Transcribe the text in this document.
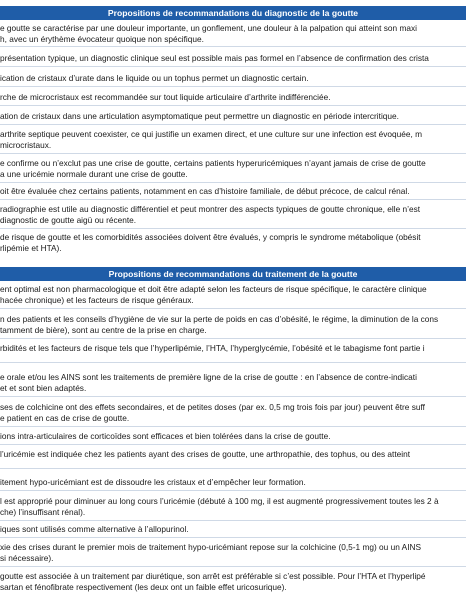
Propositions de recommandations du diagnostic de la goutte
e goutte se caractérise par une douleur importante, un gonflement, une douleur à la palpation qui atteint son maxi
h, avec un érythème évocateur quoique non spécifique.
présentation typique, un diagnostic clinique seul est possible mais pas formel en l’absence de confirmation des crista
ication de cristaux d’urate dans le liquide ou un tophus permet un diagnostic certain.
rche de microcristaux est recommandée sur tout liquide articulaire d’arthrite indifférenciée.
ation de cristaux dans une articulation asymptomatique peut permettre un diagnostic en période intercritique.
arthrite septique peuvent coexister, ce qui justifie un examen direct, et une culture sur une infection est évoquée, m
microcristaux.
e confirme ou n’exclut pas une crise de goutte, certains patients hyperuricémiques n’ayant jamais de crise de goutte
a une uricémie normale durant une crise de goutte.
oit être évaluée chez certains patients, notamment en cas d’histoire familiale, de début précoce, de calcul rénal.
radiographie est utile au diagnostic différentiel et peut montrer des aspects typiques de goutte chronique, elle n’est
diagnostic de goutte aigü ou récente.
de risque de goutte et les comorbidités associées doivent être évalués, y compris le syndrome métabolique (obésit
rlipémie et HTA).
Propositions de recommandations du traitement de la goutte
ent optimal est non pharmacologique et doit être adapté selon les facteurs de risque spécifique, le caractère clinique
hacée chronique) et les facteurs de risque généraux.
n des patients et les conseils d’hygiène de vie sur la perte de poids en cas d’obésité, le régime, la diminution de la cons
tamment de bière), sont au centre de la prise en charge.
rbidités et les facteurs de risque tels que l’hyperlipémie, l’HTA, l’hyperglycémie, l’obésité et le tabagisme font partie i
e orale et/ou les AINS sont les traitements de première ligne de la crise de goutte : en l’absence de contre-indicati
et et sont bien adaptés.
ses de colchicine ont des effets secondaires, et de petites doses (par ex. 0,5 mg trois fois par jour) peuvent être suff
e patient en cas de crise de goutte.
ions intra-articulaires de corticoïdes sont efficaces et bien tolérées dans la crise de goutte.
l’uricémie est indiquée chez les patients ayant des crises de goutte, une arthropathie, des tophus, ou des atteint
itement hypo-uricémiant est de dissoudre les cristaux et d’empêcher leur formation.
l est approprié pour diminuer au long cours l’uricémie (débuté à 100 mg, il est augmenté progressivement toutes les 2 à
che) l’insuffisant rénal).
iques sont utilisés comme alternative à l’allopurinol.
xie des crises durant le premier mois de traitement hypo-uricémiant repose sur la colchicine (0,5-1 mg) ou un AINS
si nécessaire).
goutte est associée à un traitement par diurétique, son arrêt est préférable si c’est possible. Pour l’HTA et l’hyperlipé
sartan et fénofibrate respectivement (les deux ont un faible effet uricosurique).
